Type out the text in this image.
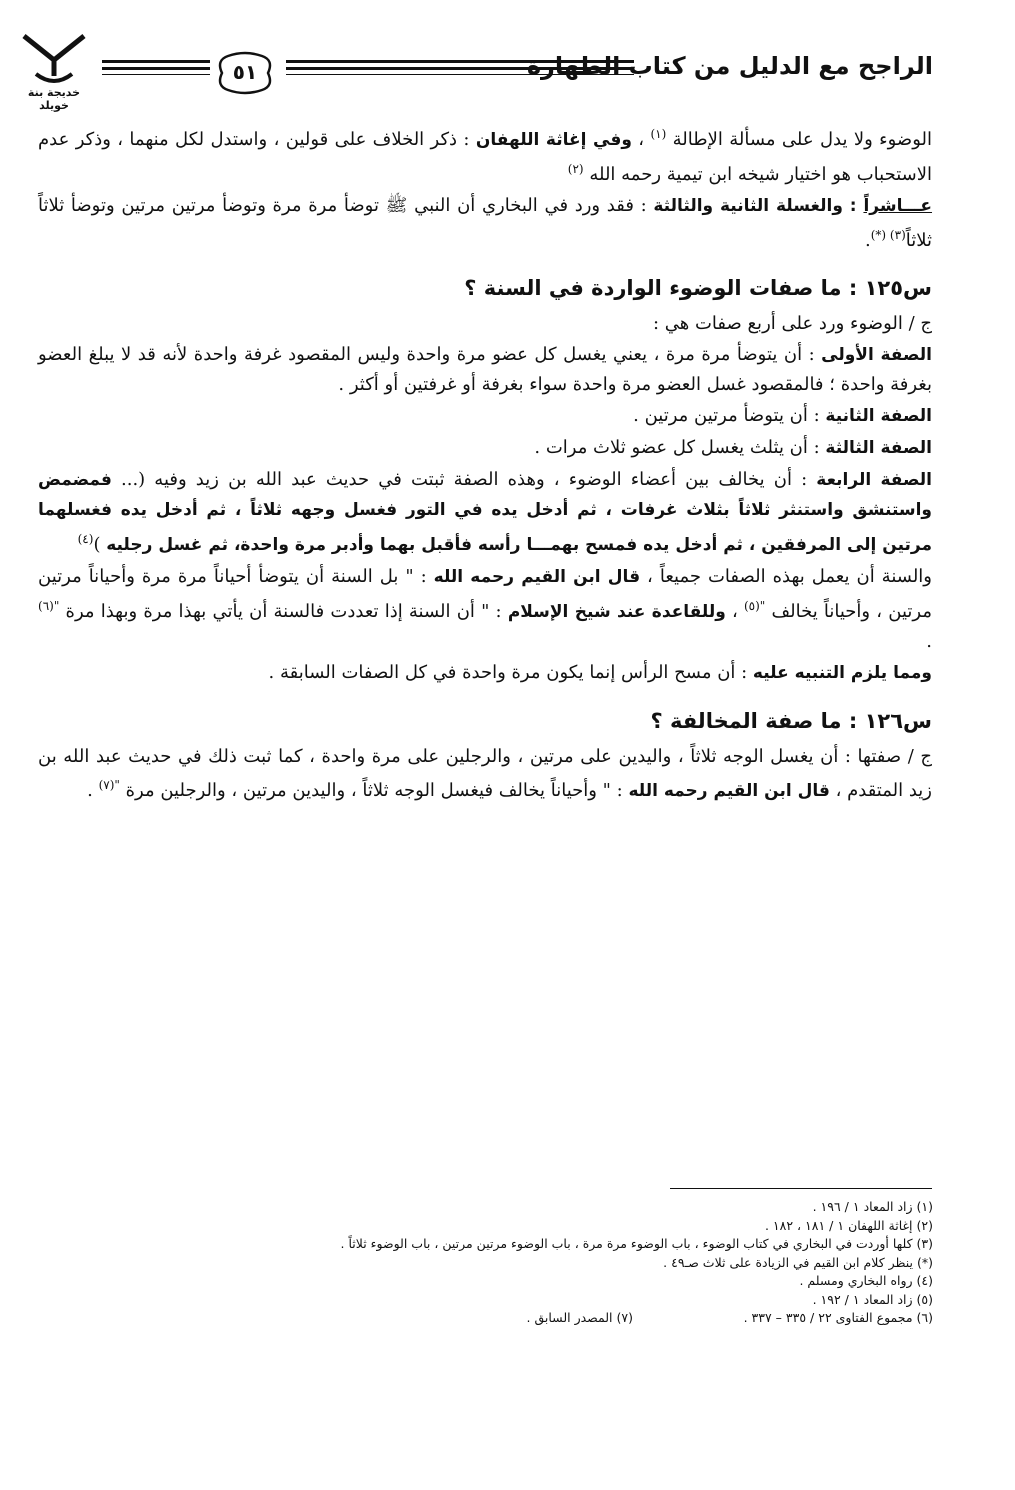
خديجة بنة خويلد
٥١	الراجح مع الدليل من كتاب الطهارة

الوضوء ولا يدل على مسألة الإطالة $^{(١)}$ ، وفي إغاثة اللهفان : ذكر الخلاف على قولين ، واستدل لكل منهما ، وذكر عدم الاستحباب هو اختيار شيخه ابن تيمية رحمه الله $^{(٢)}$

عـــاشراً : والغسلة الثانية والثالثة : فقد ورد في البخاري أن النبي ﷺ توضأ مرة مرة وتوضأ مرتين مرتين وتوضأ ثلاثاً ثلاثاً$^{(٣) (*)}$.

س١٢٥ : ما صفات الوضوء الواردة في السنة ؟

ج / الوضوء ورد على أربع صفات هي :

الصفة الأولى : أن يتوضأ مرة مرة ، يعني يغسل كل عضو مرة واحدة وليس المقصود غرفة واحدة لأنه قد لا يبلغ العضو بغرفة واحدة ؛ فالمقصود غسل العضو مرة واحدة سواء بغرفة أو غرفتين أو أكثر .

الصفة الثانية : أن يتوضأ مرتين مرتين .

الصفة الثالثة : أن يثلث يغسل كل عضو ثلاث مرات .

الصفة الرابعة : أن يخالف بين أعضاء الوضوء ، وهذه الصفة ثبتت في حديث عبد الله بن زيد وفيه (... فمضمض واستنشق واستنثر ثلاثاً بثلاث غرفات ، ثم أدخل يده في التور فغسل وجهه ثلاثاً ، ثم أدخل يده فغسلهما مرتين إلى المرفقين ، ثم أدخل يده فمسح بهمـــا رأسه فأقبل بهما وأدبر مرة واحدة، ثم غسل رجليه )$^{(٤)}$

والسنة أن يعمل بهذه الصفات جميعاً ، قال ابن القيم رحمه الله : " بل السنة أن يتوضأ أحياناً مرة مرة وأحياناً مرتين مرتين ، وأحياناً يخالف $^{"(٥)}$ ، وللقاعدة عند شيخ الإسلام : " أن السنة إذا تعددت فالسنة أن يأتي بهذا مرة وبهذا مرة $^{"(٦)}$ .

ومما يلزم التنبيه عليه : أن مسح الرأس إنما يكون مرة واحدة في كل الصفات السابقة .

س١٢٦ : ما صفة المخالفة ؟

ج / صفتها : أن يغسل الوجه ثلاثاً ، واليدين على مرتين ، والرجلين على مرة واحدة ، كما ثبت ذلك في حديث عبد الله بن زيد المتقدم ، قال ابن القيم رحمه الله : " وأحياناً يخالف فيغسل الوجه ثلاثاً ، واليدين مرتين ، والرجلين مرة $^{"(٧)}$ .

(١) زاد المعاد ١ / ١٩٦ .
(٢) إغاثة اللهفان ١ / ١٨١ ، ١٨٢ .
(٣) كلها أوردت في البخاري في كتاب الوضوء ، باب الوضوء مرة مرة ، باب الوضوء مرتين مرتين ، باب الوضوء ثلاثاً .
(*) ينظر كلام ابن القيم في الزيادة على ثلاث صـ٤٩ .
(٤) رواه البخاري ومسلم .
(٥) زاد المعاد ١ / ١٩٢ .
(٦) مجموع الفتاوى ٢٢ / ٣٣٥ – ٣٣٧ .
(٧) المصدر السابق .
